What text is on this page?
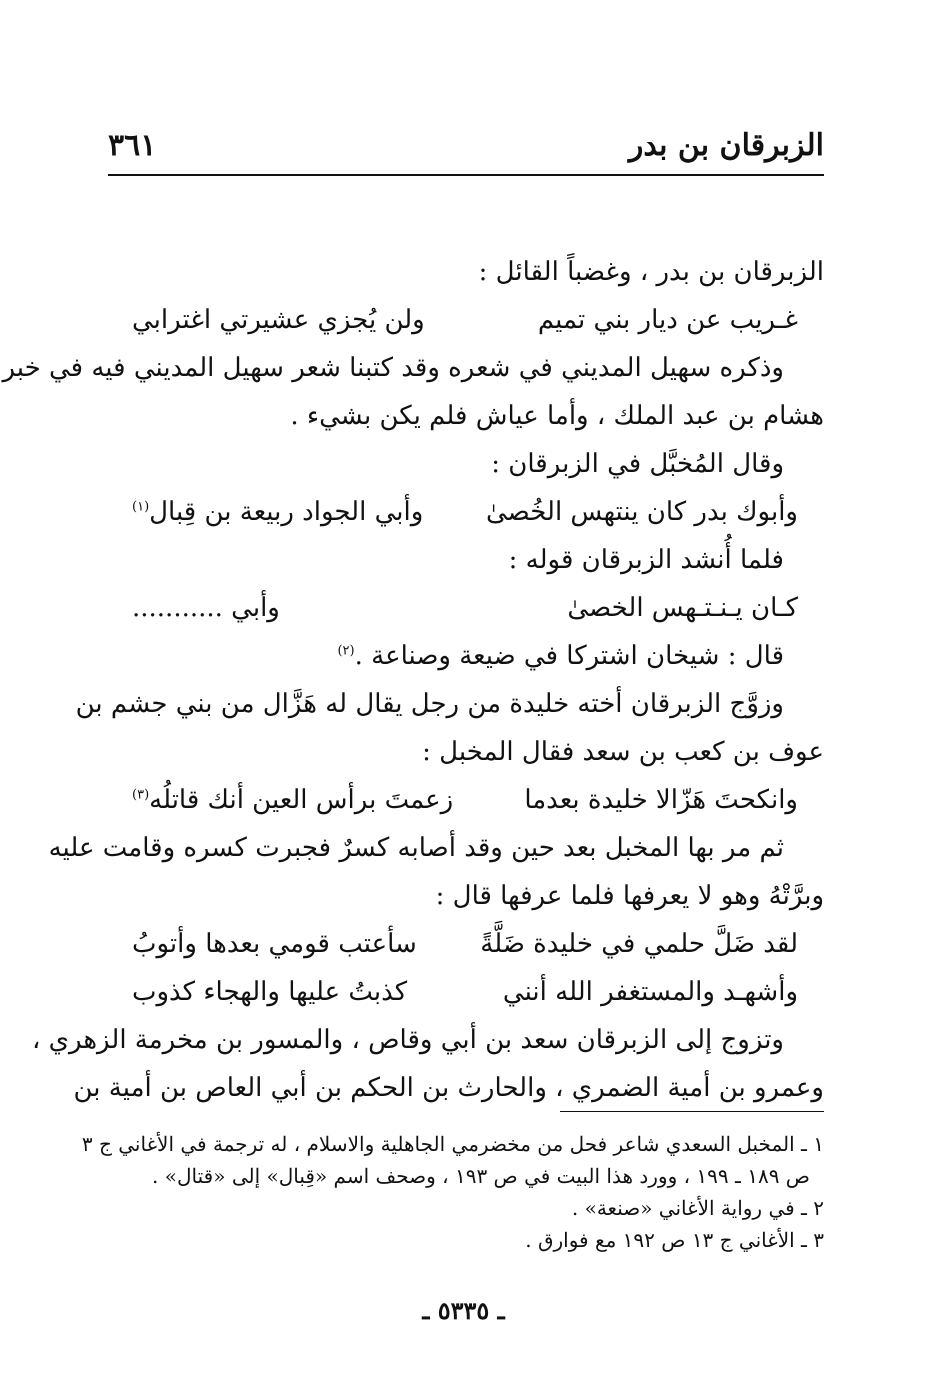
الزبرقان بن بدر
٣٦١
الزبرقان بن بدر ، وغضباً القائل :
غـريب عن ديار بني تميم
ولن يُجزي عشيرتي اغترابي
وذكره سهيل المديني في شعره وقد كتبنا شعر سهيل المديني فيه في خبر
هشام بن عبد الملك ، وأما عياش فلم يكن بشيء .
وقال المُخبَّل في الزبرقان :
وأبوك بدر كان ينتهس الخُصىٰ
وأبي الجواد ربيعة بن قِبال$^{(١)}$
فلما أُنشد الزبرقان قوله :
كـان يـنـتـهس الخصىٰ
وأبي ...........
قال : شيخان اشتركا في ضيعة وصناعة .$^{(٢)}$
وزوَّج الزبرقان أخته خليدة من رجل يقال له هَزَّال من بني جشم بن
عوف بن كعب بن سعد فقال المخبل :
وانكحتَ هَزّالا خليدة بعدما
زعمتَ برأس العين أنك قاتلُه$^{(٣)}$
ثم مر بها المخبل بعد حين وقد أصابه كسرٌ فجبرت كسره وقامت عليه
وبرَّتْهُ وهو لا يعرفها فلما عرفها قال :
لقد ضَلَّ حلمي في خليدة ضَلَّةً
سأعتب قومي بعدها وأتوبُ
وأشهـد والمستغفر الله أنني
كذبتُ عليها والهجاء كذوب
وتزوج إلى الزبرقان سعد بن أبي وقاص ، والمسور بن مخرمة الزهري ،
وعمرو بن أمية الضمري ، والحارث بن الحكم بن أبي العاص بن أمية بن
١ ـ المخبل السعدي شاعر فحل من مخضرمي الجاهلية والاسلام ، له ترجمة في الأغاني ج ٣
ص ١٨٩ ـ ١٩٩ ، وورد هذا البيت في ص ١٩٣ ، وصحف اسم «قِبال» إلى «قتال» .
٢ ـ في رواية الأغاني «صنعة» .
٣ ـ الأغاني ج ١٣ ص ١٩٢ مع فوارق .
ـ ٥٣٣٥ ـ
